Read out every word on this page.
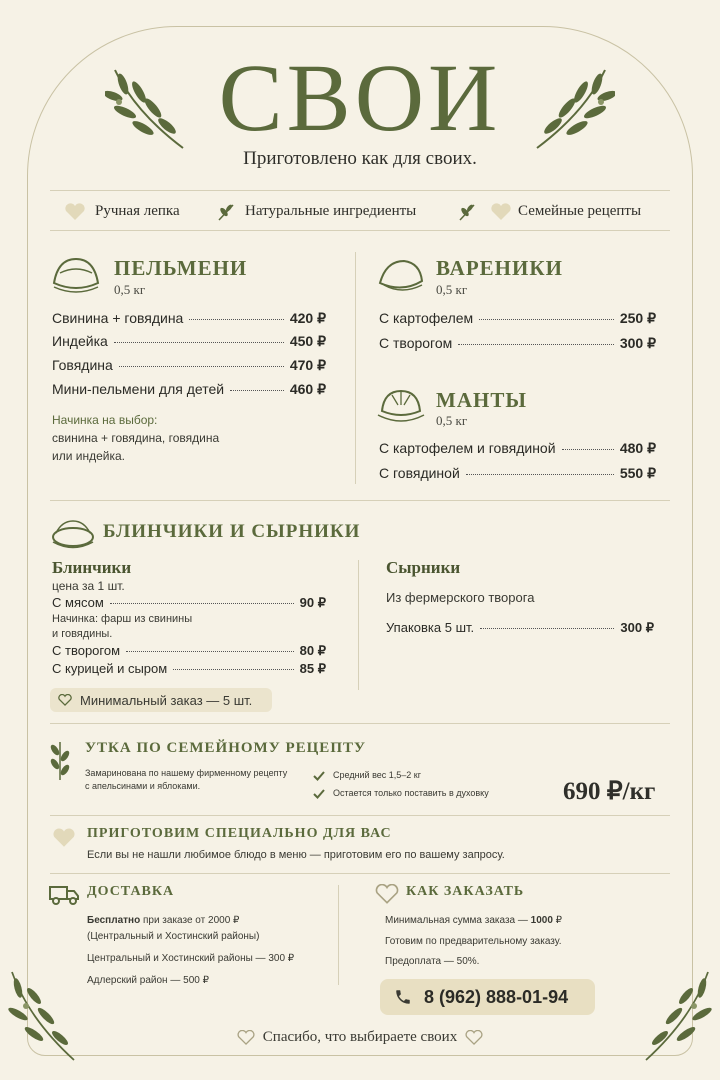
СВОИ
Приготовлено как для своих.
Ручная лепка	Натуральные ингредиенты	Семейные рецепты
ПЕЛЬМЕНИ
0,5 кг
Свинина + говядина	420 ₽
Индейка	450 ₽
Говядина	470 ₽
Мини-пельмени для детей	460 ₽
Начинка на выбор:
свинина + говядина, говядина
или индейка.
ВАРЕНИКИ
0,5 кг
С картофелем	250 ₽
С творогом	300 ₽
МАНТЫ
0,5 кг
С картофелем и говядиной	480 ₽
С говядиной	550 ₽
БЛИНЧИКИ И СЫРНИКИ
Блинчики
цена за 1 шт.
С мясом	90 ₽
Начинка: фарш из свинины
и говядины.
С творогом	80 ₽
С курицей и сыром	85 ₽
Минимальный заказ — 5 шт.
Сырники
Из фермерского творога
Упаковка 5 шт.	300 ₽
УТКА ПО СЕМЕЙНОМУ РЕЦЕПТУ
Замаринована по нашему фирменному рецепту
с апельсинами и яблоками.
Средний вес 1,5–2 кг
Остается только поставить в духовку	690 ₽/кг
ПРИГОТОВИМ СПЕЦИАЛЬНО ДЛЯ ВАС
Если вы не нашли любимое блюдо в меню — приготовим его по вашему запросу.
ДОСТАВКА
Бесплатно при заказе от 2000 ₽
(Центральный и Хостинский районы)
Центральный и Хостинский районы — 300 ₽
Адлерский район — 500 ₽
КАК ЗАКАЗАТЬ
Минимальная сумма заказа — 1000 ₽
Готовим по предварительному заказу.
Предоплата — 50%.
8 (962) 888-01-94
Спасибо, что выбираете своих
